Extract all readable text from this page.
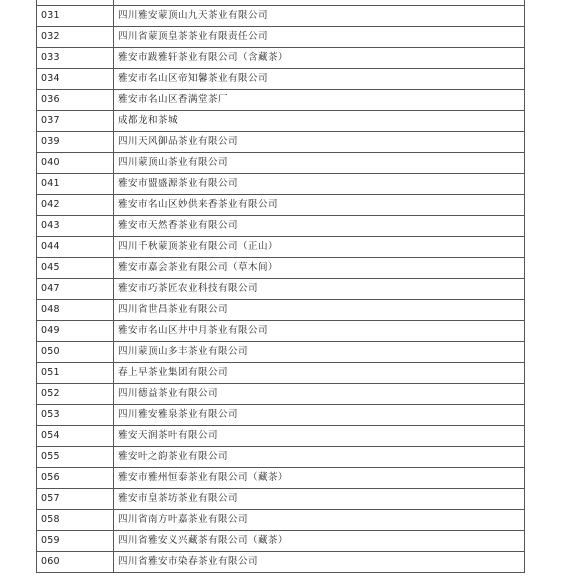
031	四川雅安蒙顶山九天茶业有限公司
032	四川省蒙顶皇茶茶业有限责任公司
033	雅安市跋雅轩茶业有限公司（含藏茶）
034	雅安市名山区帝知馨茶业有限公司
036	雅安市名山区香满堂茶厂
037	成都龙和茶城
039	四川天风御品茶业有限公司
040	四川蒙顶山茶业有限公司
041	雅安市盟盛源茶业有限公司
042	雅安市名山区妙供来香茶业有限公司
043	雅安市天然香茶业有限公司
044	四川千秋蒙顶茶业有限公司（正山）
045	雅安市嘉会茶业有限公司（草木间）
047	雅安市巧茶匠农业科技有限公司
048	四川省世昌茶业有限公司
049	雅安市名山区井中月茶业有限公司
050	四川蒙顶山多丰茶业有限公司
051	春上早茶业集团有限公司
052	四川德益茶业有限公司
053	四川雅安雅泉茶业有限公司
054	雅安天润茶叶有限公司
055	雅安叶之韵茶业有限公司
056	雅安市雅州恒泰茶业有限公司（藏茶）
057	雅安市皇茶坊茶业有限公司
058	四川省南方叶嘉茶业有限公司
059	四川省雅安义兴藏茶有限公司（藏茶）
060	四川省雅安市染春茶业有限公司
